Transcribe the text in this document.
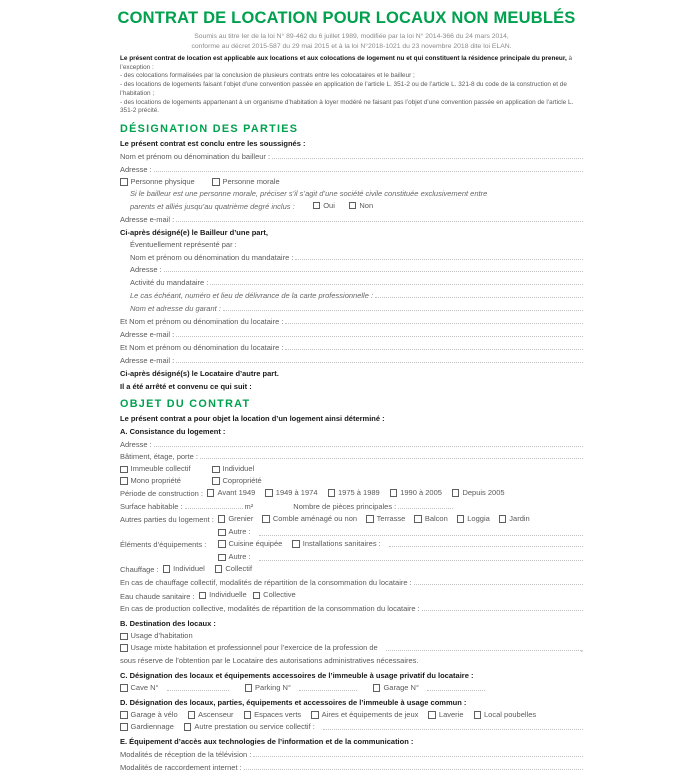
CONTRAT DE LOCATION POUR LOCAUX NON MEUBLÉS
Soumis au titre Ier de la loi N° 89-462 du 6 juillet 1989, modifiée par la loi N° 2014-366 du 24 mars 2014,
conforme au décret 2015-587 du 29 mai 2015 et à la loi N°2018-1021 du 23 novembre 2018 dite loi ELAN.
Le présent contrat de location est applicable aux locations et aux colocations de logement nu et qui constituent la résidence principale du preneur, à l’exception :
- des colocations formalisées par la conclusion de plusieurs contrats entre les colocataires et le bailleur ;
- des locations de logements faisant l’objet d’une convention passée en application de l’article L. 351-2 ou de l’article L. 321-8 du code de la construction et de l’habitation ;
- des locations de logements appartenant à un organisme d’habitation à loyer modéré ne faisant pas l’objet d’une convention passée en application de l’article L. 351-2 précité.
DÉSIGNATION DES PARTIES
Le présent contrat est conclu entre les soussignés :
Nom et prénom ou dénomination du bailleur :
Adresse :
Personne physique	Personne morale
Si le bailleur est une personne morale, préciser s’il s’agit d’une société civile constituée exclusivement entre
parents et alliés jusqu’au quatrième degré inclus :	Oui	Non
Adresse e-mail :
Ci-après désigné(e) le Bailleur d’une part,
Éventuellement représenté par :
Nom et prénom ou dénomination du mandataire :
Adresse :
Activité du mandataire :
Le cas échéant, numéro et lieu de délivrance de la carte professionnelle :
Nom et adresse du garant :
Et Nom et prénom ou dénomination du locataire :
Adresse e-mail :
Et Nom et prénom ou dénomination du locataire :
Adresse e-mail :
Ci-après désigné(s) le Locataire d’autre part.
Il a été arrêté et convenu ce qui suit :
OBJET DU CONTRAT
Le présent contrat a pour objet la location d’un logement ainsi déterminé :
A. Consistance du logement :
Adresse :
Bâtiment, étage, porte :
Immeuble collectif	Individuel
Mono propriété	Copropriété
Période de construction : Avant 1949	1949 à 1974	1975 à 1989	1990 à 2005	Depuis 2005
Surface habitable :	m²	Nombre de pièces principales :
Autres parties du logement : Grenier	Comble aménagé ou non	Terrasse	Balcon	Loggia	Jardin
Autre :
Éléments d’équipements :	Cuisine équipée	Installations sanitaires :
Autre :
Chauffage : Individuel	Collectif
En cas de chauffage collectif, modalités de répartition de la consommation du locataire :
Eau chaude sanitaire : Individuelle Collective
En cas de production collective, modalités de répartition de la consommation du locataire :
B. Destination des locaux :
Usage d’habitation
Usage mixte habitation et professionnel pour l’exercice de la profession de	,
sous réserve de l’obtention par le Locataire des autorisations administratives nécessaires.
C. Désignation des locaux et équipements accessoires de l’immeuble à usage privatif du locataire :
Cave N°	Parking N°	Garage N°
D. Désignation des locaux, parties, équipements et accessoires de l’immeuble à usage commun :
Garage à vélo	Ascenseur	Espaces verts	Aires et équipements de jeux	Laverie	Local poubelles
Gardiennage	Autre prestation ou service collectif :
E. Équipement d’accès aux technologies de l’information et de la communication :
Modalités de réception de la télévision :
Modalités de raccordement internet :
